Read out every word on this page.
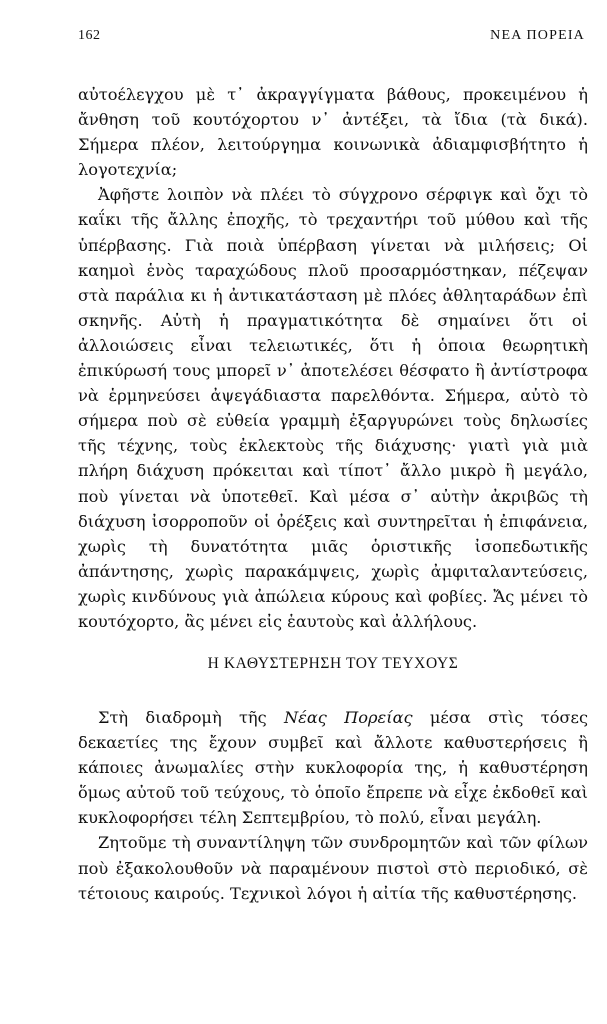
162	ΝΕΑ ΠΟΡΕΙΑ

αὐτοέλεγχου μὲ τ᾿ ἀκραγγίγματα βάθους, προκειμένου ἡ ἄνθηση τοῦ κουτόχορτου ν᾿ ἀντέξει, τὰ ἴδια (τὰ δικά). Σήμερα πλέον, λειτούργημα κοινωνικὰ ἀδιαμφισβήτητο ἡ λογοτεχνία;

Ἀφῆστε λοιπὸν νὰ πλέει τὸ σύγχρονο σέρφιγκ καὶ ὄχι τὸ καΐκι τῆς ἄλλης ἐποχῆς, τὸ τρεχαντήρι τοῦ μύθου καὶ τῆς ὑπέρβασης. Γιὰ ποιὰ ὑπέρβαση γίνεται νὰ μιλήσεις; Οἱ καημοὶ ἑνὸς ταραχώδους πλοῦ προσαρμόστηκαν, πέζεψαν στὰ παράλια κι ἡ ἀντικατάσταση μὲ πλόες ἀθληταράδων ἐπὶ σκηνῆς. Αὐτὴ ἡ πραγματικότητα δὲ σημαίνει ὅτι οἱ ἀλλοιώσεις εἶναι τελειωτικές, ὅτι ἡ ὁποια θεωρητικὴ ἐπικύρωσή τους μπορεῖ ν᾿ ἀποτελέσει θέσφατο ἢ ἀντίστροφα νὰ ἑρμηνεύσει ἀψεγάδιαστα παρελθόντα. Σήμερα, αὐτὸ τὸ σήμερα ποὺ σὲ εὐθεία γραμμὴ ἐξαργυρώνει τοὺς δηλωσίες τῆς τέχνης, τοὺς ἐκλεκτοὺς τῆς διάχυσης· γιατὶ γιὰ μιὰ πλήρη διάχυση πρόκειται καὶ τίποτ᾿ ἄλλο μικρὸ ἢ μεγάλο, ποὺ γίνεται νὰ ὑποτεθεῖ. Καὶ μέσα σ᾿ αὐτὴν ἀκριβῶς τὴ διάχυση ἰσορροποῦν οἱ ὀρέξεις καὶ συντηρεῖται ἡ ἐπιφάνεια, χωρὶς τὴ δυνατότητα μιᾶς ὁριστικῆς ἰσοπεδωτικῆς ἀπάντησης, χωρὶς παρακάμψεις, χωρὶς ἀμφιταλαντεύσεις, χωρὶς κινδύνους γιὰ ἀπώλεια κύρους καὶ φοβίες. Ἄς μένει τὸ κουτόχορτο, ἂς μένει εἰς ἑαυτοὺς καὶ ἀλλήλους.

Η ΚΑΘΥΣΤΕΡΗΣΗ ΤΟΥ ΤΕΥΧΟΥΣ

Στὴ διαδρομὴ τῆς Νέας Πορείας μέσα στὶς τόσες δεκαετίες της ἔχουν συμβεῖ καὶ ἄλλοτε καθυστερήσεις ἢ κάποιες ἀνωμαλίες στὴν κυκλοφορία της, ἡ καθυστέρηση ὅμως αὐτοῦ τοῦ τεύχους, τὸ ὁποῖο ἔπρεπε νὰ εἶχε ἐκδοθεῖ καὶ κυκλοφορήσει τέλη Σεπτεμβρίου, τὸ πολύ, εἶναι μεγάλη.

Ζητοῦμε τὴ συναντίληψη τῶν συνδρομητῶν καὶ τῶν φίλων ποὺ ἐξακολουθοῦν νὰ παραμένουν πιστοὶ στὸ περιοδικό, σὲ τέτοιους καιρούς. Τεχνικοὶ λόγοι ἡ αἰτία τῆς καθυστέρησης.
